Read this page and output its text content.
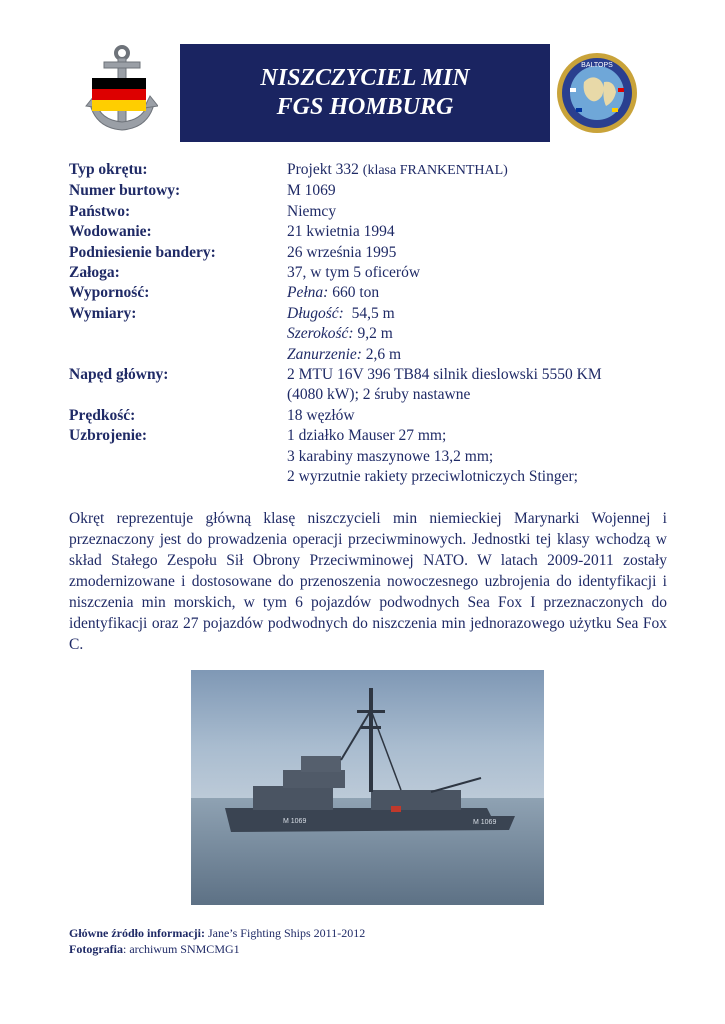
NISZCZYCIEL MIN
FGS HOMBURG
BALTOPS
Typ okrętu:	Projekt 332 (klasa FRANKENTHAL)
Numer burtowy:	M 1069
Państwo:	Niemcy
Wodowanie:	21 kwietnia 1994
Podniesienie bandery:	26 września 1995
Załoga:	37, w tym 5 oficerów
Wyporność:	Pełna: 660 ton
Wymiary:	Długość: 54,5 m
Szerokość: 9,2 m
Zanurzenie: 2,6 m
Napęd główny:	2 MTU 16V 396 TB84 silnik dieslowski 5550 KM
(4080 kW); 2 śruby nastawne
Prędkość:	18 węzłów
Uzbrojenie:	1 działko Mauser 27 mm;
3 karabiny maszynowe 13,2 mm;
2 wyrzutnie rakiety przeciwlotniczych Stinger;
Okręt reprezentuje główną klasę niszczycieli min niemieckiej Marynarki Wojennej i przeznaczony jest do prowadzenia operacji przeciwminowych. Jednostki tej klasy wchodzą w skład Stałego Zespołu Sił Obrony Przeciwminowej NATO. W latach 2009-2011 zostały zmodernizowane i dostosowane do przenoszenia nowoczesnego uzbrojenia do identyfikacji i niszczenia min morskich, w tym 6 pojazdów podwodnych Sea Fox I przeznaczonych do identyfikacji oraz 27 pojazdów podwodnych do niszczenia min jednorazowego użytku Sea Fox C.
M 1069	M 1069
Główne źródło informacji: Jane’s Fighting Ships 2011-2012
Fotografia: archiwum SNMCMG1
